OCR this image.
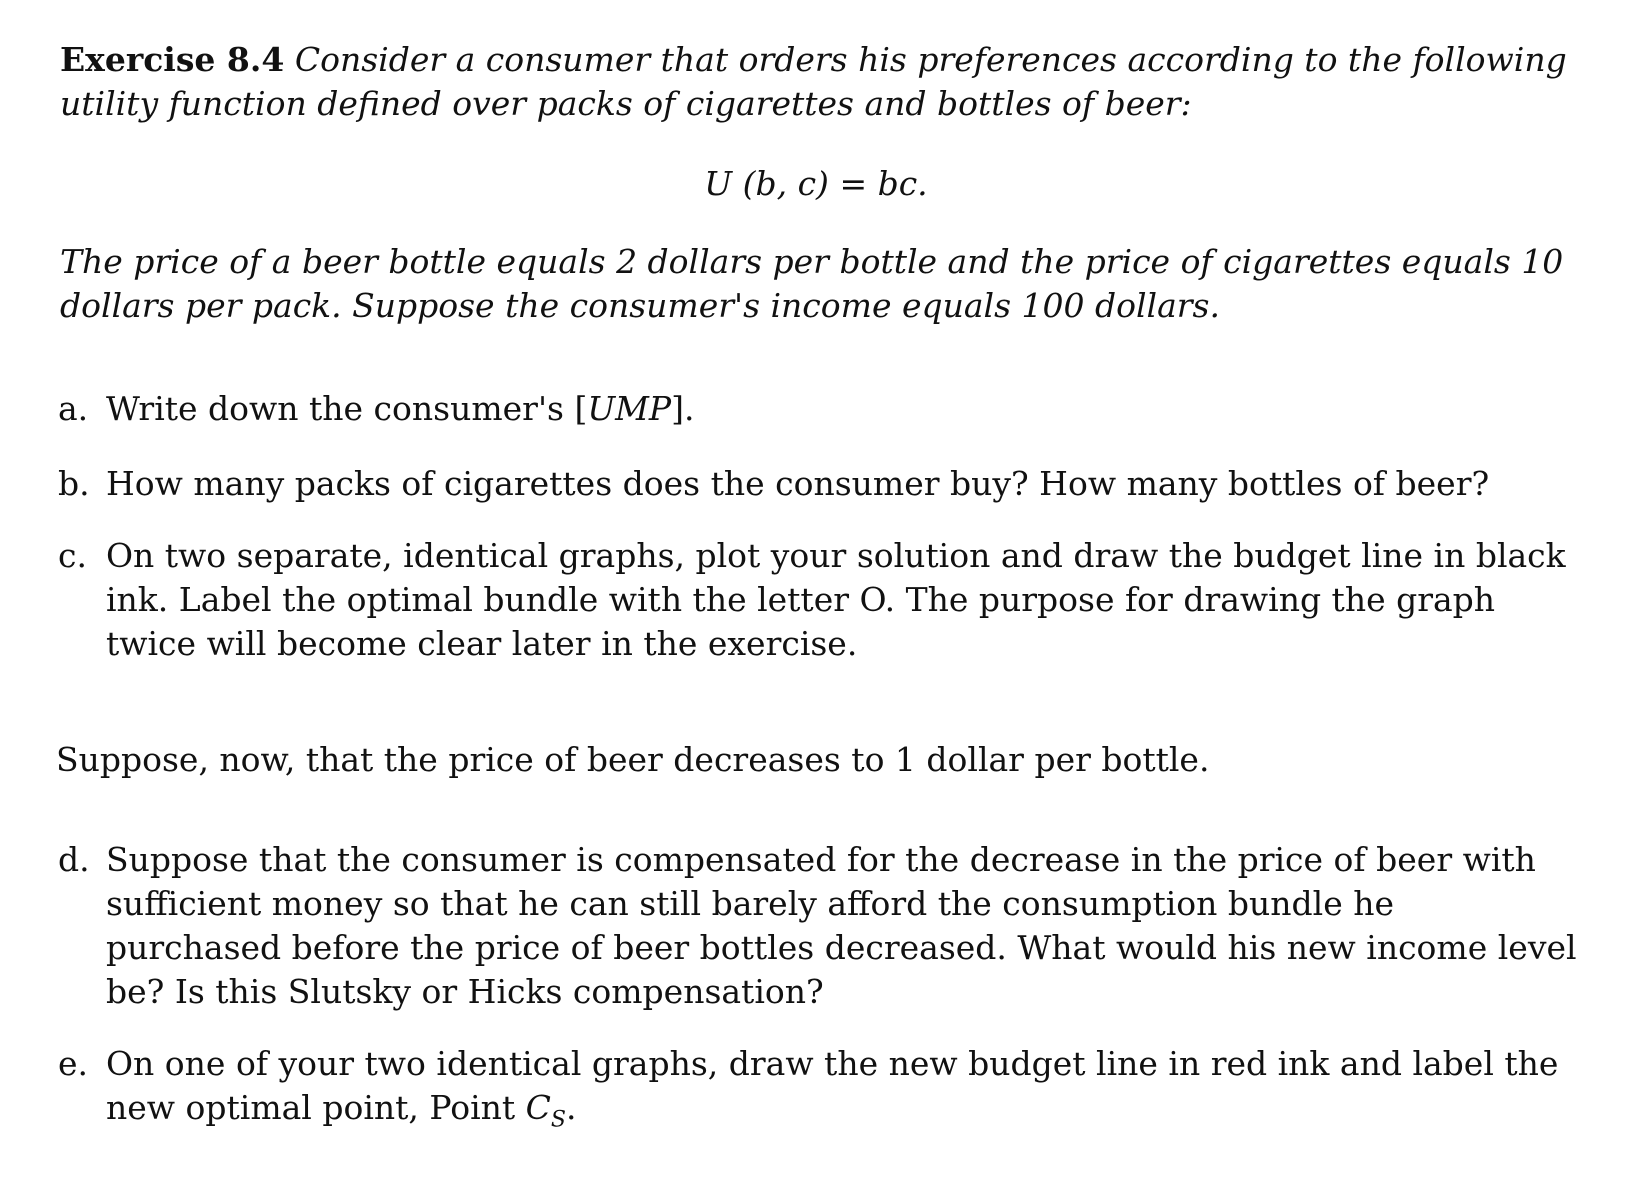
Exercise 8.4 Consider a consumer that orders his preferences according to the following utility function defined over packs of cigarettes and bottles of beer:
U (b, c) = bc.
The price of a beer bottle equals 2 dollars per bottle and the price of cigarettes equals 10 dollars per pack. Suppose the consumer's income equals 100 dollars.
a. Write down the consumer's [UMP].
b. How many packs of cigarettes does the consumer buy? How many bottles of beer?
c. On two separate, identical graphs, plot your solution and draw the budget line in black ink. Label the optimal bundle with the letter O. The purpose for drawing the graph twice will become clear later in the exercise.
Suppose, now, that the price of beer decreases to 1 dollar per bottle.
d. Suppose that the consumer is compensated for the decrease in the price of beer with sufficient money so that he can still barely afford the consumption bundle he purchased before the price of beer bottles decreased. What would his new income level be? Is this Slutsky or Hicks compensation?
e. On one of your two identical graphs, draw the new budget line in red ink and label the new optimal point, Point $C_S$.
